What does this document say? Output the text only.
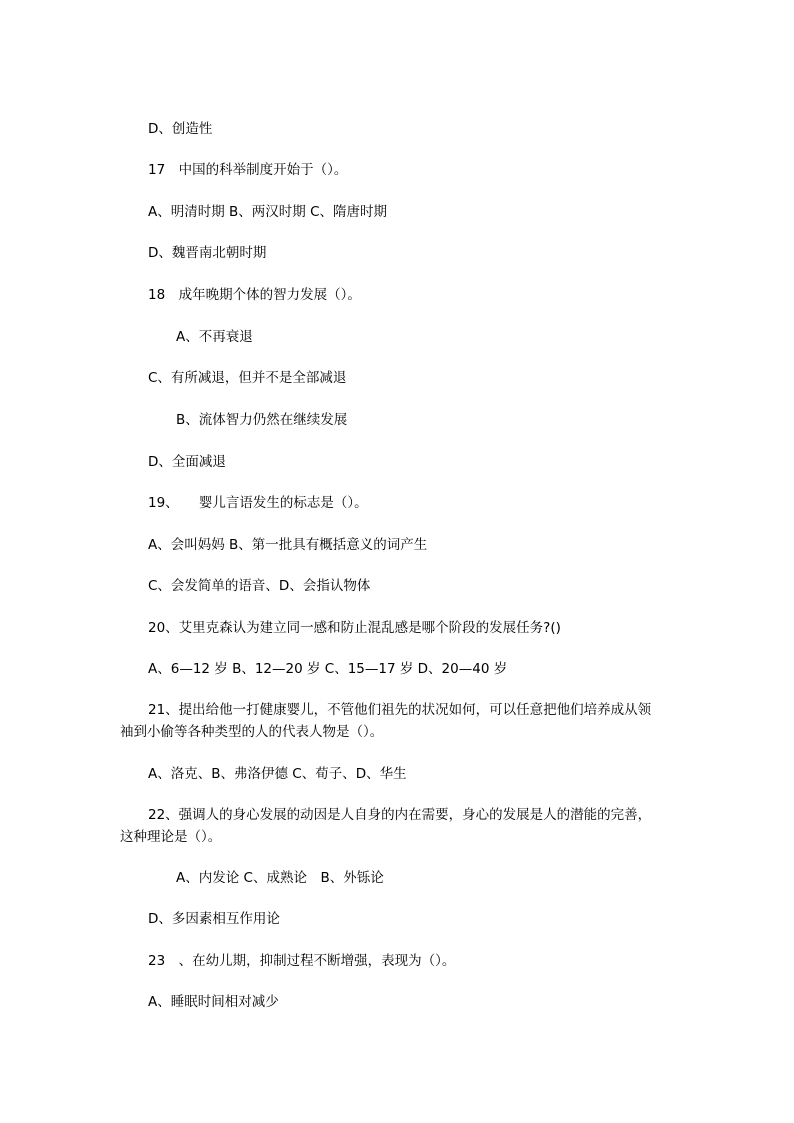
D、创造性
17　中国的科举制度开始于（）。
A、明清时期 B、两汉时期 C、隋唐时期
D、魏晋南北朝时期
18　成年晚期个体的智力发展（）。
A、不再衰退
C、有所减退，但并不是全部减退
B、流体智力仍然在继续发展
D、全面减退
19、　　婴儿言语发生的标志是（）。
A、会叫妈妈 B、第一批具有概括意义的词产生
C、会发简单的语音、D、会指认物体
20、艾里克森认为建立同一感和防止混乱感是哪个阶段的发展任务?()
A、6—12 岁 B、12—20 岁 C、15—17 岁 D、20—40 岁
21、提出给他一打健康婴儿，不管他们祖先的状况如何，可以任意把他们培养成从领
袖到小偷等各种类型的人的代表人物是（）。
A、洛克、B、弗洛伊德 C、荀子、D、华生
22、强调人的身心发展的动因是人自身的内在需要，身心的发展是人的潜能的完善，
这种理论是（）。
A、内发论 C、成熟论　B、外铄论
D、多因素相互作用论
23　、在幼儿期，抑制过程不断增强，表现为（）。
A、睡眠时间相对减少
